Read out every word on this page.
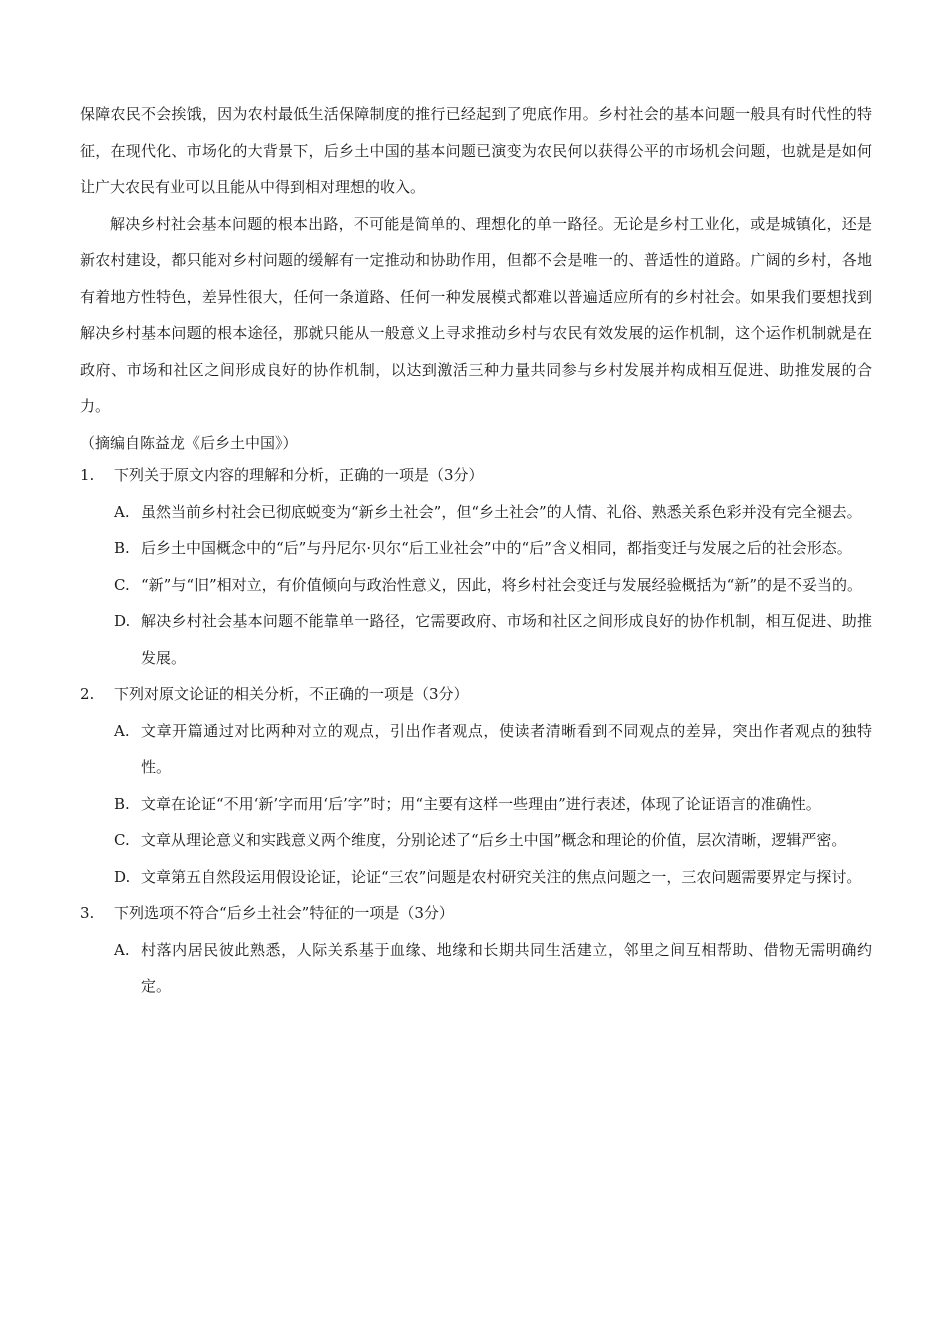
保障农民不会挨饿，因为农村最低生活保障制度的推行已经起到了兜底作用。乡村社会的基本问题一般具有时代性的特征，在现代化、市场化的大背景下，后乡土中国的基本问题已演变为农民何以获得公平的市场机会问题，也就是是如何让广大农民有业可以且能从中得到相对理想的收入。

解决乡村社会基本问题的根本出路，不可能是简单的、理想化的单一路径。无论是乡村工业化，或是城镇化，还是新农村建设，都只能对乡村问题的缓解有一定推动和协助作用，但都不会是唯一的、普适性的道路。广阔的乡村，各地有着地方性特色，差异性很大，任何一条道路、任何一种发展模式都难以普遍适应所有的乡村社会。如果我们要想找到解决乡村基本问题的根本途径，那就只能从一般意义上寻求推动乡村与农民有效发展的运作机制，这个运作机制就是在政府、市场和社区之间形成良好的协作机制，以达到激活三种力量共同参与乡村发展并构成相互促进、助推发展的合力。

（摘编自陈益龙《后乡土中国》）

1.	下列关于原文内容的理解和分析，正确的一项是（3分）
A. 虽然当前乡村社会已彻底蜕变为“新乡土社会”，但“乡土社会”的人情、礼俗、熟悉关系色彩并没有完全褪去。
B. 后乡土中国概念中的“后”与丹尼尔·贝尔“后工业社会”中的“后”含义相同，都指变迁与发展之后的社会形态。
C. “新”与“旧”相对立，有价值倾向与政治性意义，因此，将乡村社会变迁与发展经验概括为“新”的是不妥当的。
D. 解决乡村社会基本问题不能靠单一路径，它需要政府、市场和社区之间形成良好的协作机制，相互促进、助推发展。
2.	下列对原文论证的相关分析，不正确的一项是（3分）
A. 文章开篇通过对比两种对立的观点，引出作者观点，使读者清晰看到不同观点的差异，突出作者观点的独特性。
B. 文章在论证“不用‘新’字而用‘后’字”时；用“主要有这样一些理由”进行表述，体现了论证语言的准确性。
C. 文章从理论意义和实践意义两个维度，分别论述了“后乡土中国”概念和理论的价值，层次清晰，逻辑严密。
D. 文章第五自然段运用假设论证，论证“三农”问题是农村研究关注的焦点问题之一，三农问题需要界定与探讨。
3.	下列选项不符合“后乡土社会”特征的一项是（3分）
A. 村落内居民彼此熟悉，人际关系基于血缘、地缘和长期共同生活建立，邻里之间互相帮助、借物无需明确约定。
